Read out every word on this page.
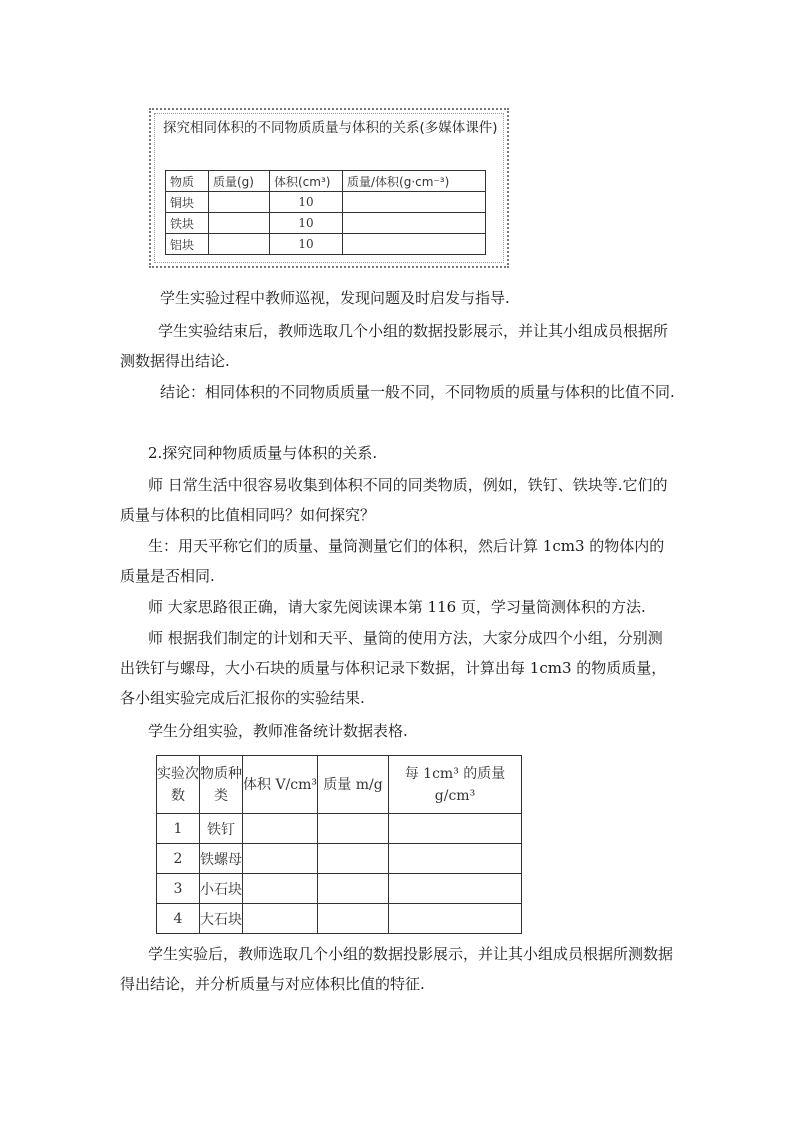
探究相同体积的不同物质质量与体积的关系(多媒体课件)
物质	质量(g)	体积(cm³)	质量/体积(g·cm⁻³)
铜块		10	
铁块		10	
铝块		10	
学生实验过程中教师巡视，发现问题及时启发与指导.
学生实验结束后，教师选取几个小组的数据投影展示，并让其小组成员根据所测数据得出结论.
结论：相同体积的不同物质质量一般不同，不同物质的质量与体积的比值不同.
2.探究同种物质质量与体积的关系.
师 日常生活中很容易收集到体积不同的同类物质，例如，铁钉、铁块等.它们的质量与体积的比值相同吗？如何探究？
生：用天平称它们的质量、量筒测量它们的体积，然后计算 1cm3 的物体内的质量是否相同.
师 大家思路很正确，请大家先阅读课本第 116 页，学习量筒测体积的方法.
师 根据我们制定的计划和天平、量筒的使用方法，大家分成四个小组，分别测出铁钉与螺母，大小石块的质量与体积记录下数据，计算出每 1cm3 的物质质量，各小组实验完成后汇报你的实验结果.
学生分组实验，教师准备统计数据表格.
实验次数	物质种类	体积 V/cm³	质量 m/g	每 1cm³ 的质量 g/cm³
1	铁钉			
2	铁螺母			
3	小石块			
4	大石块			
学生实验后，教师选取几个小组的数据投影展示，并让其小组成员根据所测数据得出结论，并分析质量与对应体积比值的特征.
